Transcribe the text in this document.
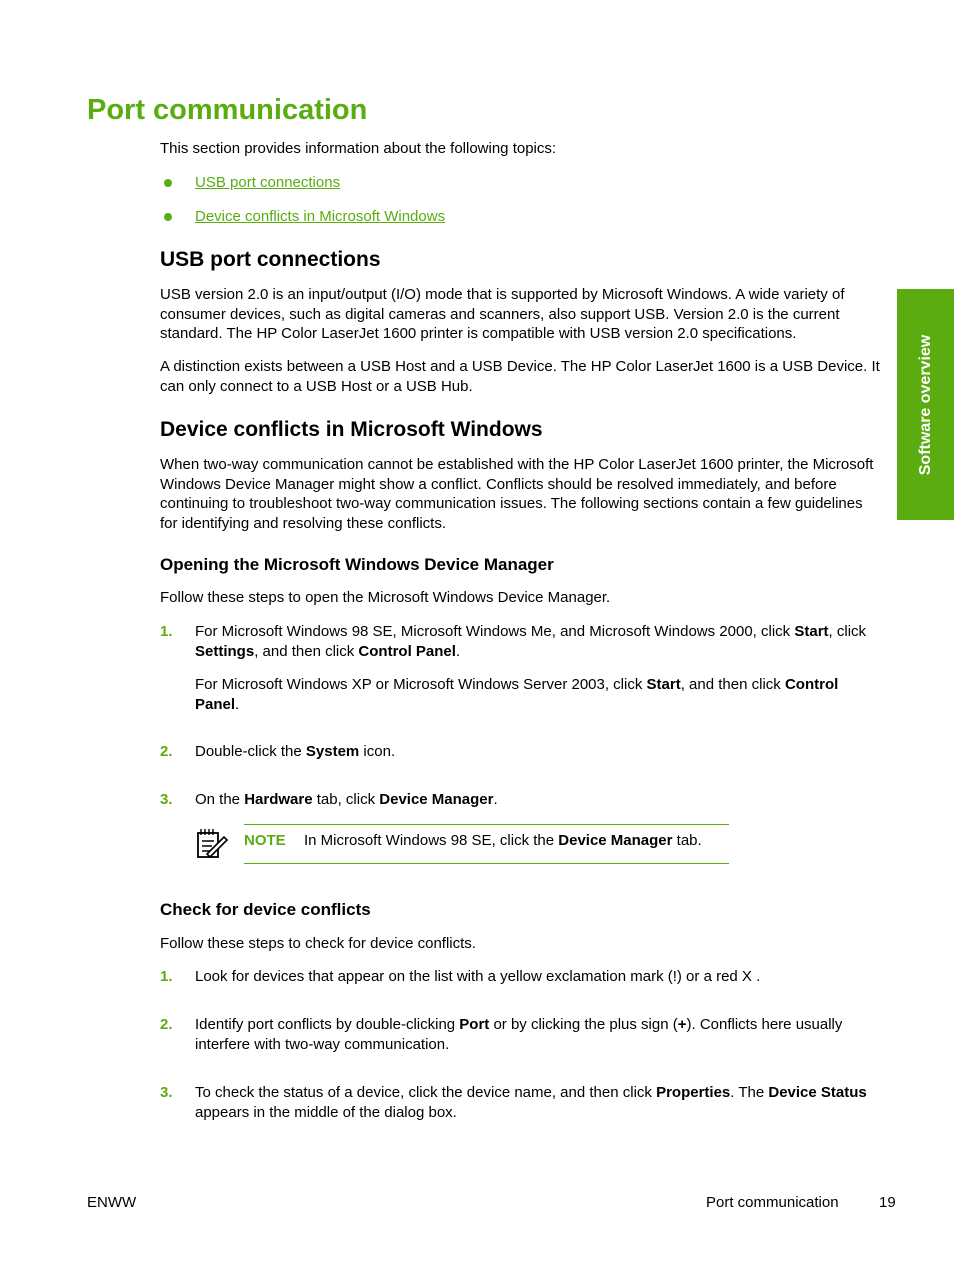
Port communication
This section provides information about the following topics:
USB port connections
Device conflicts in Microsoft Windows
Software overview
USB port connections
USB version 2.0 is an input/output (I/O) mode that is supported by Microsoft Windows. A wide variety of consumer devices, such as digital cameras and scanners, also support USB. Version 2.0 is the current standard. The HP Color LaserJet 1600 printer is compatible with USB version 2.0 specifications.
A distinction exists between a USB Host and a USB Device. The HP Color LaserJet 1600 is a USB Device. It can only connect to a USB Host or a USB Hub.
Device conflicts in Microsoft Windows
When two-way communication cannot be established with the HP Color LaserJet 1600 printer, the Microsoft Windows Device Manager might show a conflict. Conflicts should be resolved immediately, and before continuing to troubleshoot two-way communication issues. The following sections contain a few guidelines for identifying and resolving these conflicts.
Opening the Microsoft Windows Device Manager
Follow these steps to open the Microsoft Windows Device Manager.
1. For Microsoft Windows 98 SE, Microsoft Windows Me, and Microsoft Windows 2000, click Start, click Settings, and then click Control Panel.
For Microsoft Windows XP or Microsoft Windows Server 2003, click Start, and then click Control Panel.
2. Double-click the System icon.
3. On the Hardware tab, click Device Manager.
NOTE In Microsoft Windows 98 SE, click the Device Manager tab.
Check for device conflicts
Follow these steps to check for device conflicts.
1. Look for devices that appear on the list with a yellow exclamation mark (!) or a red X .
2. Identify port conflicts by double-clicking Port or by clicking the plus sign (+). Conflicts here usually interfere with two-way communication.
3. To check the status of a device, click the device name, and then click Properties. The Device Status appears in the middle of the dialog box.
ENWW	Port communication	19
